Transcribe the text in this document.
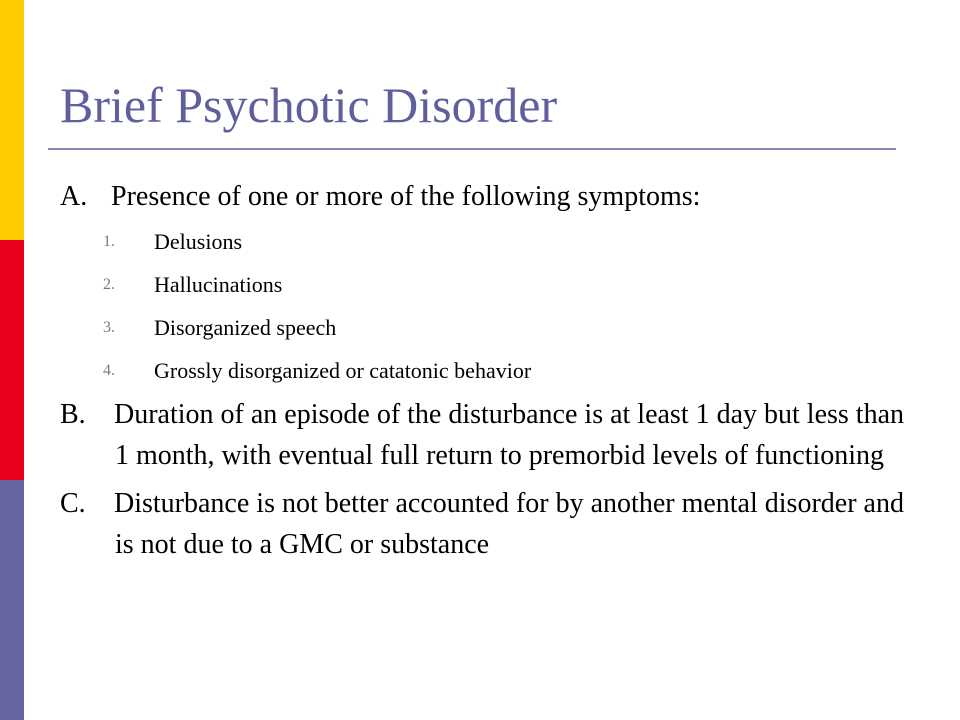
Brief Psychotic Disorder

A. Presence of one or more of the following symptoms:

1.	Delusions
2.	Hallucinations
3.	Disorganized speech
4.	Grossly disorganized or catatonic behavior

B. Duration of an episode of the disturbance is at least 1 day but less than 1 month, with eventual full return to premorbid levels of functioning

C. Disturbance is not better accounted for by another mental disorder and is not due to a GMC or substance
